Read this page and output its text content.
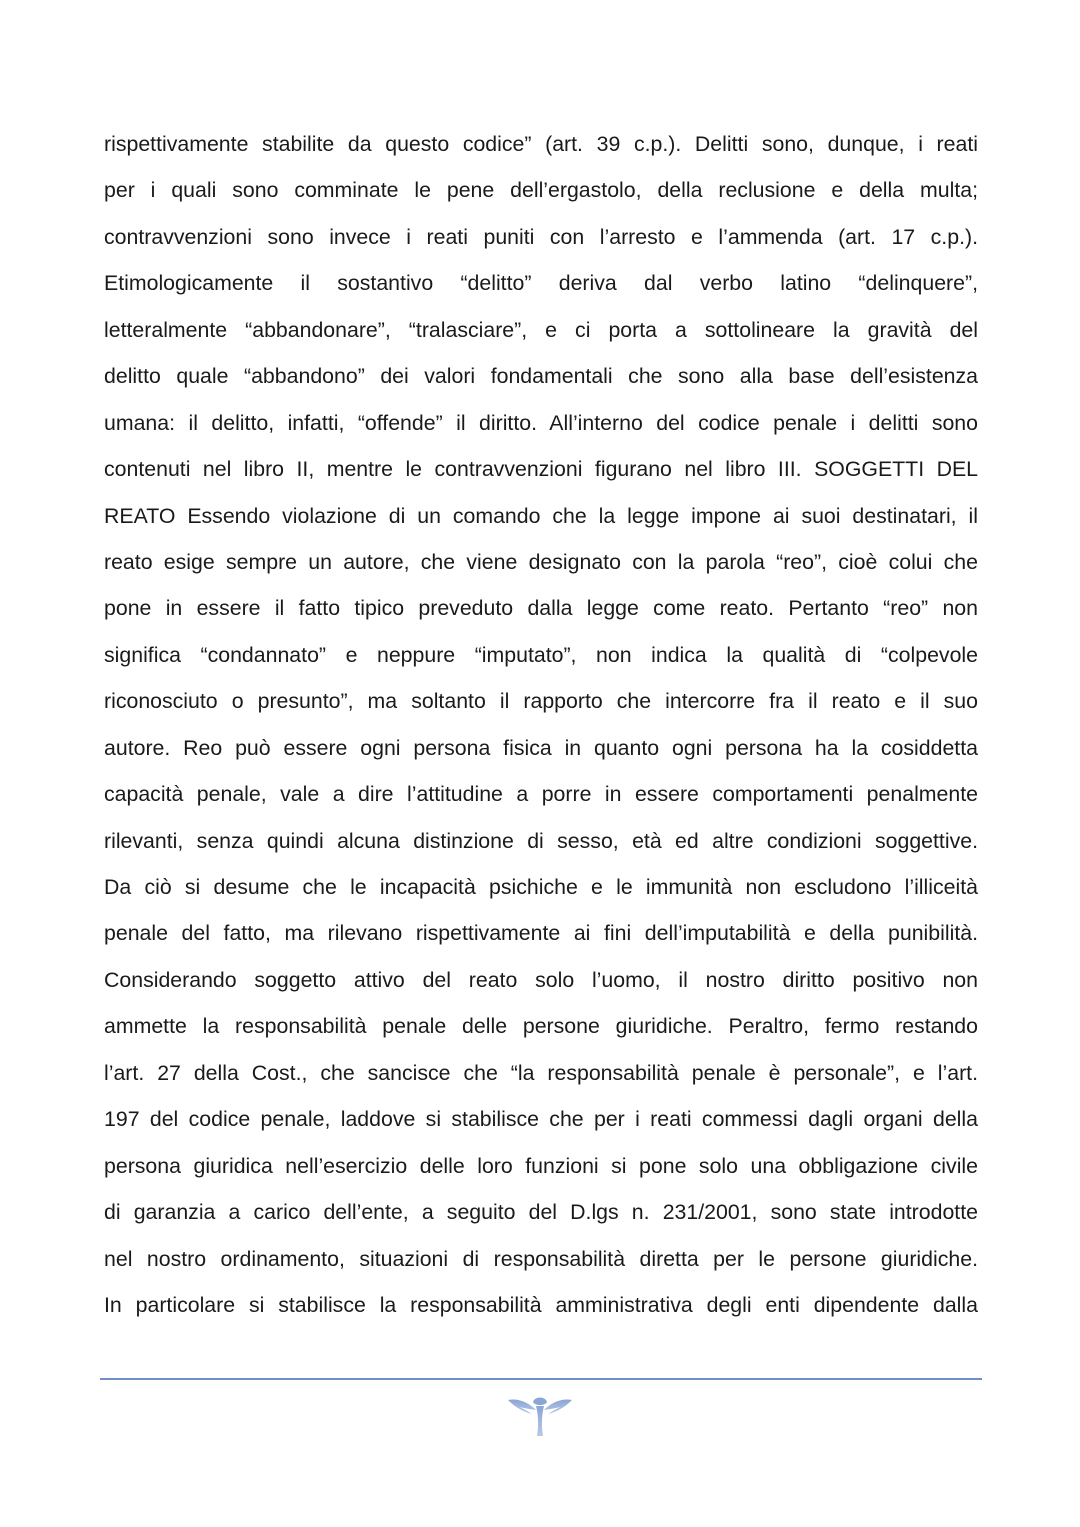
rispettivamente stabilite da questo codice” (art. 39 c.p.). Delitti sono, dunque, i reati
per i quali sono comminate le pene dell’ergastolo, della reclusione e della multa;
contravvenzioni sono invece i reati puniti con l’arresto e l’ammenda (art. 17 c.p.).
Etimologicamente il sostantivo “delitto” deriva dal verbo latino “delinquere”,
letteralmente “abbandonare”, “tralasciare”, e ci porta a sottolineare la gravità del
delitto quale “abbandono” dei valori fondamentali che sono alla base dell’esistenza
umana: il delitto, infatti, “offende” il diritto. All’interno del codice penale i delitti sono
contenuti nel libro II, mentre le contravvenzioni figurano nel libro III. SOGGETTI DEL
REATO Essendo violazione di un comando che la legge impone ai suoi destinatari, il
reato esige sempre un autore, che viene designato con la parola “reo”, cioè colui che
pone in essere il fatto tipico preveduto dalla legge come reato. Pertanto “reo” non
significa “condannato” e neppure “imputato”, non indica la qualità di “colpevole
riconosciuto o presunto”, ma soltanto il rapporto che intercorre fra il reato e il suo
autore. Reo può essere ogni persona fisica in quanto ogni persona ha la cosiddetta
capacità penale, vale a dire l’attitudine a porre in essere comportamenti penalmente
rilevanti, senza quindi alcuna distinzione di sesso, età ed altre condizioni soggettive.
Da ciò si desume che le incapacità psichiche e le immunità non escludono l’illiceità
penale del fatto, ma rilevano rispettivamente ai fini dell’imputabilità e della punibilità.
Considerando soggetto attivo del reato solo l’uomo, il nostro diritto positivo non
ammette la responsabilità penale delle persone giuridiche. Peraltro, fermo restando
l’art. 27 della Cost., che sancisce che “la responsabilità penale è personale”, e l’art.
197 del codice penale, laddove si stabilisce che per i reati commessi dagli organi della
persona giuridica nell’esercizio delle loro funzioni si pone solo una obbligazione civile
di garanzia a carico dell’ente, a seguito del D.lgs n. 231/2001, sono state introdotte
nel nostro ordinamento, situazioni di responsabilità diretta per le persone giuridiche.
In particolare si stabilisce la responsabilità amministrativa degli enti dipendente dalla
